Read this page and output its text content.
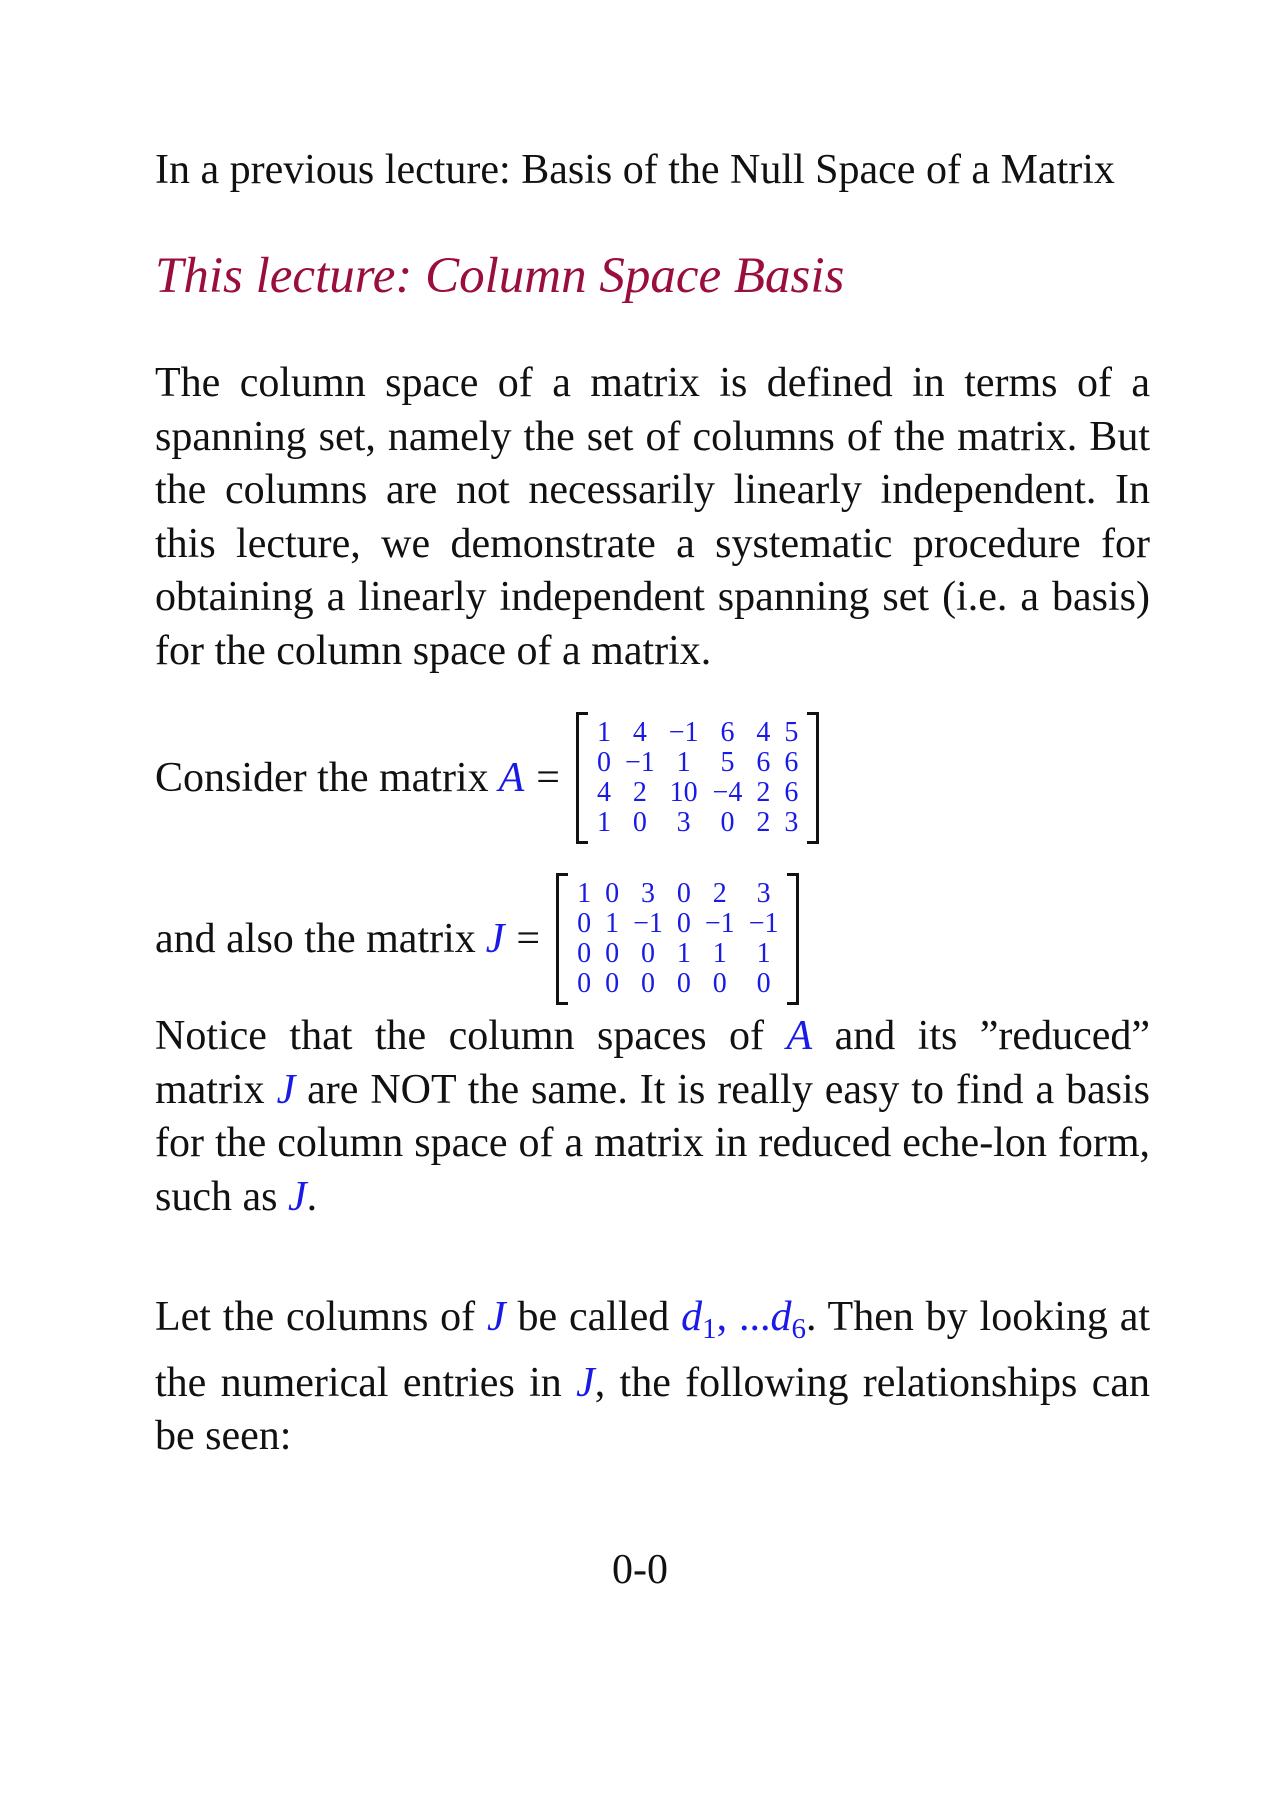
In a previous lecture: Basis of the Null Space of a Matrix
This lecture: Column Space Basis
The column space of a matrix is defined in terms of a spanning set, namely the set of columns of the matrix. But the columns are not necessarily linearly independent. In this lecture, we demonstrate a systematic procedure for obtaining a linearly independent spanning set (i.e. a basis) for the column space of a matrix.
Consider the matrix A =
1	4	−1	6	4	5
0	−1	1	5	6	6
4	2	10	−4	2	6
1	0	3	0	2	3
and also the matrix J =
1	0	3	0	2	3
0	1	−1	0	−1	−1
0	0	0	1	1	1
0	0	0	0	0	0
Notice that the column spaces of A and its ”reduced” matrix J are NOT the same. It is really easy to find a basis for the column space of a matrix in reduced eche-lon form, such as J.
Let the columns of J be called $d_1$, $...d_6$. Then by looking at the numerical entries in J, the following relationships can be seen:
0-0
